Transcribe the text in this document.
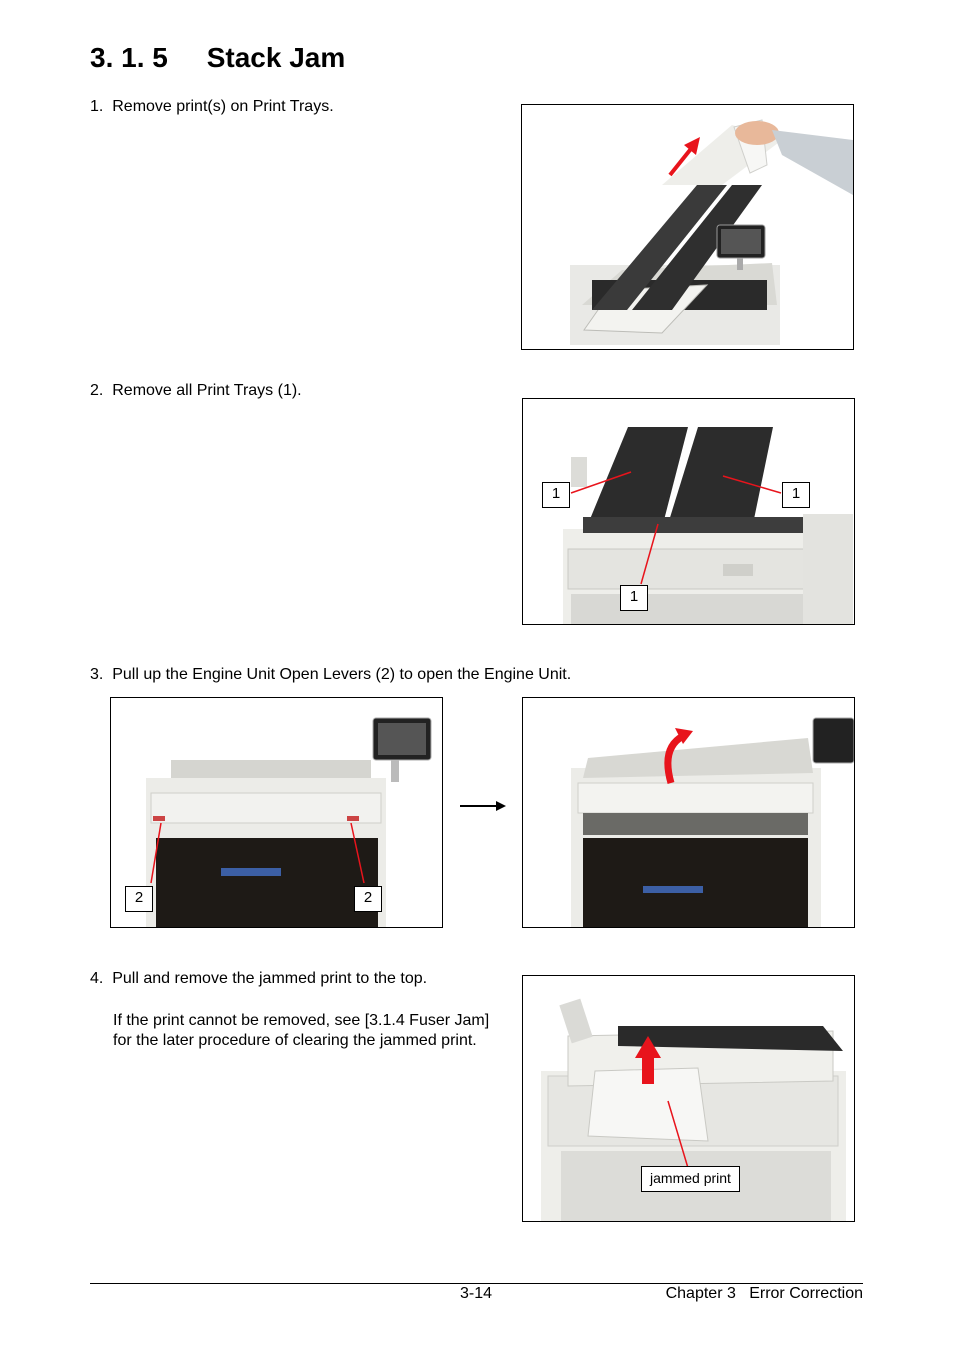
3. 1. 5     Stack Jam
1.  Remove print(s) on Print Trays.
2.  Remove all Print Trays (1).
1	1
1
3.  Pull up the Engine Unit Open Levers (2) to open the Engine Unit.
2	2
4.  Pull and remove the jammed print to the top.
If the print cannot be removed, see [3.1.4 Fuser Jam] for the later procedure of clearing the jammed print.
jammed print
3-14	Chapter 3   Error Correction
